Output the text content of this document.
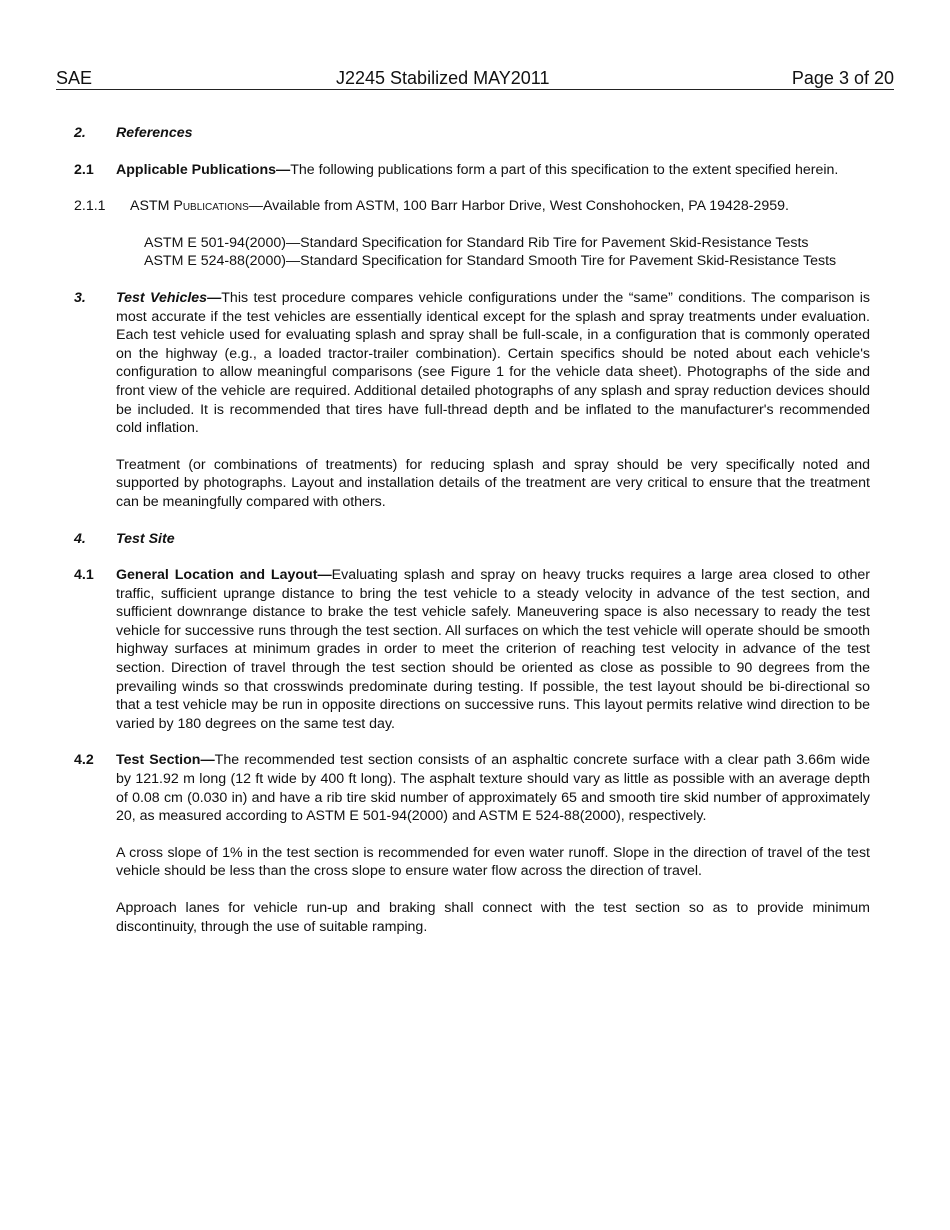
SAE	J2245 Stabilized MAY2011	Page 3 of 20
2. References
2.1 Applicable Publications—The following publications form a part of this specification to the extent specified herein.
2.1.1 ASTM Publications—Available from ASTM, 100 Barr Harbor Drive, West Conshohocken, PA 19428-2959.
ASTM E 501-94(2000)—Standard Specification for Standard Rib Tire for Pavement Skid-Resistance Tests
ASTM E 524-88(2000)—Standard Specification for Standard Smooth Tire for Pavement Skid-Resistance Tests
3. Test Vehicles—This test procedure compares vehicle configurations under the “same” conditions. The comparison is most accurate if the test vehicles are essentially identical except for the splash and spray treatments under evaluation. Each test vehicle used for evaluating splash and spray shall be full-scale, in a configuration that is commonly operated on the highway (e.g., a loaded tractor-trailer combination). Certain specifics should be noted about each vehicle's configuration to allow meaningful comparisons (see Figure 1 for the vehicle data sheet). Photographs of the side and front view of the vehicle are required. Additional detailed photographs of any splash and spray reduction devices should be included. It is recommended that tires have full-thread depth and be inflated to the manufacturer's recommended cold inflation.
Treatment (or combinations of treatments) for reducing splash and spray should be very specifically noted and supported by photographs. Layout and installation details of the treatment are very critical to ensure that the treatment can be meaningfully compared with others.
4. Test Site
4.1 General Location and Layout—Evaluating splash and spray on heavy trucks requires a large area closed to other traffic, sufficient uprange distance to bring the test vehicle to a steady velocity in advance of the test section, and sufficient downrange distance to brake the test vehicle safely. Maneuvering space is also necessary to ready the test vehicle for successive runs through the test section. All surfaces on which the test vehicle will operate should be smooth highway surfaces at minimum grades in order to meet the criterion of reaching test velocity in advance of the test section. Direction of travel through the test section should be oriented as close as possible to 90 degrees from the prevailing winds so that crosswinds predominate during testing. If possible, the test layout should be bi-directional so that a test vehicle may be run in opposite directions on successive runs. This layout permits relative wind direction to be varied by 180 degrees on the same test day.
4.2 Test Section—The recommended test section consists of an asphaltic concrete surface with a clear path 3.66m wide by 121.92 m long (12 ft wide by 400 ft long). The asphalt texture should vary as little as possible with an average depth of 0.08 cm (0.030 in) and have a rib tire skid number of approximately 65 and smooth tire skid number of approximately 20, as measured according to ASTM E 501-94(2000) and ASTM E 524-88(2000), respectively.
A cross slope of 1% in the test section is recommended for even water runoff. Slope in the direction of travel of the test vehicle should be less than the cross slope to ensure water flow across the direction of travel.
Approach lanes for vehicle run-up and braking shall connect with the test section so as to provide minimum discontinuity, through the use of suitable ramping.
